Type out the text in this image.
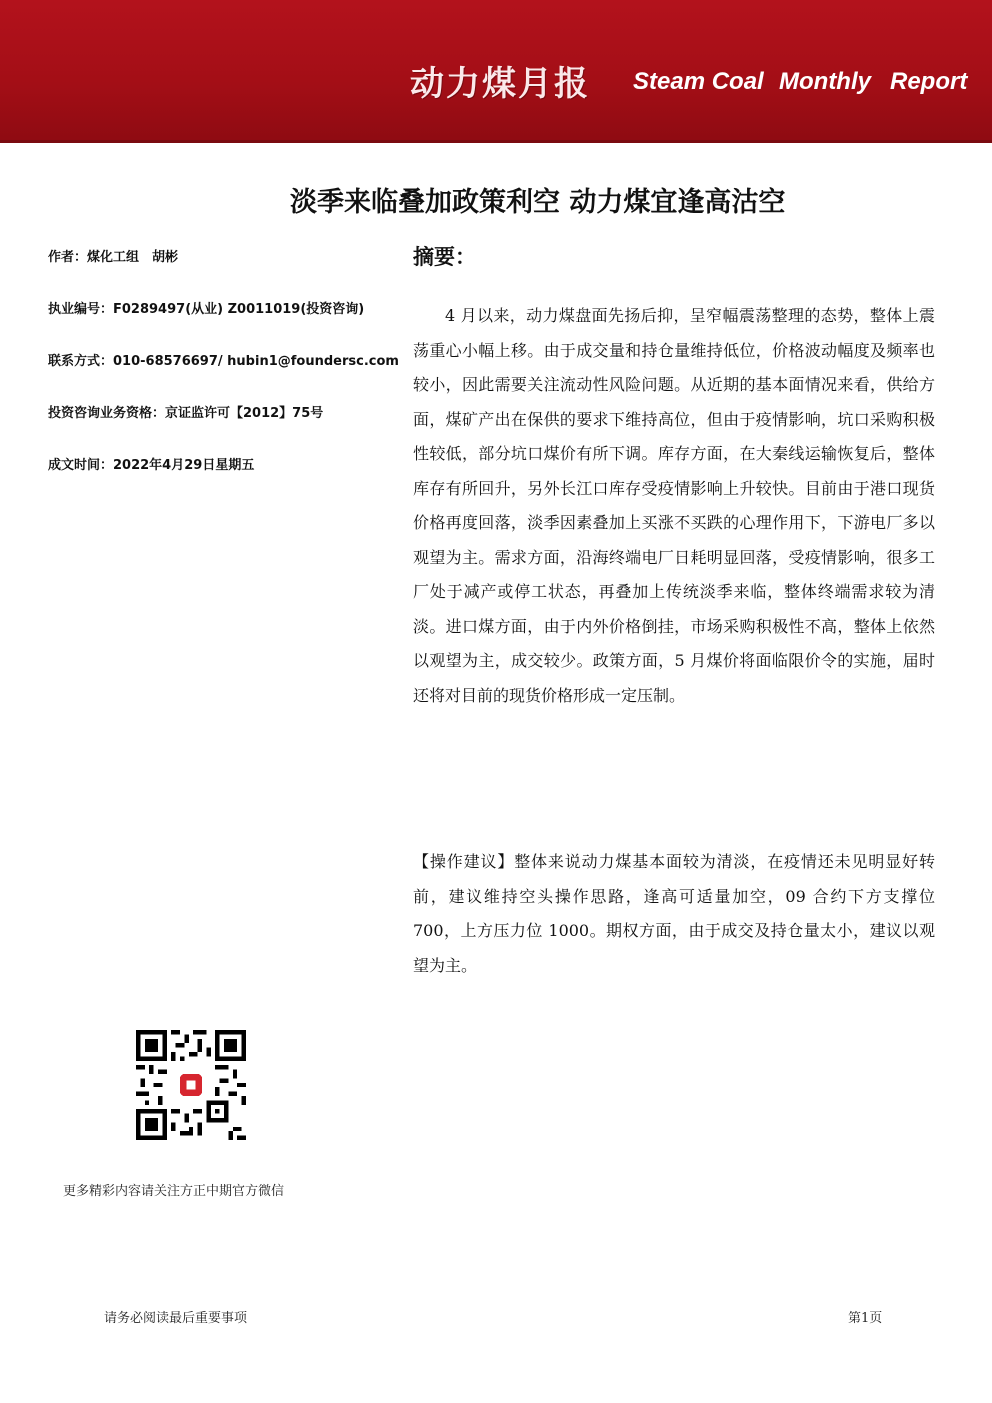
动力煤月报 Steam Coal Monthly Report
淡季来临叠加政策利空 动力煤宜逢高沽空
作者：煤化工组　胡彬
执业编号：F0289497(从业) Z0011019(投资咨询)
联系方式：010-68576697/ hubin1@foundersc.com
投资咨询业务资格：京证监许可【2012】75号
成文时间：2022年4月29日星期五
摘要：

4 月以来，动力煤盘面先扬后抑，呈窄幅震荡整理的态势，整体上震荡重心小幅上移。由于成交量和持仓量维持低位，价格波动幅度及频率也较小，因此需要关注流动性风险问题。从近期的基本面情况来看，供给方面，煤矿产出在保供的要求下维持高位，但由于疫情影响，坑口采购积极性较低，部分坑口煤价有所下调。库存方面，在大秦线运输恢复后，整体库存有所回升，另外长江口库存受疫情影响上升较快。目前由于港口现货价格再度回落，淡季因素叠加上买涨不买跌的心理作用下，下游电厂多以观望为主。需求方面，沿海终端电厂日耗明显回落，受疫情影响，很多工厂处于减产或停工状态，再叠加上传统淡季来临，整体终端需求较为清淡。进口煤方面，由于内外价格倒挂，市场采购积极性不高，整体上依然以观望为主，成交较少。政策方面，5 月煤价将面临限价令的实施，届时还将对目前的现货价格形成一定压制。

【操作建议】整体来说动力煤基本面较为清淡，在疫情还未见明显好转前，建议维持空头操作思路，逢高可适量加空，09 合约下方支撑位 700，上方压力位 1000。期权方面，由于成交及持仓量太小，建议以观望为主。

更多精彩内容请关注方正中期官方微信
请务必阅读最后重要事项	第1页
